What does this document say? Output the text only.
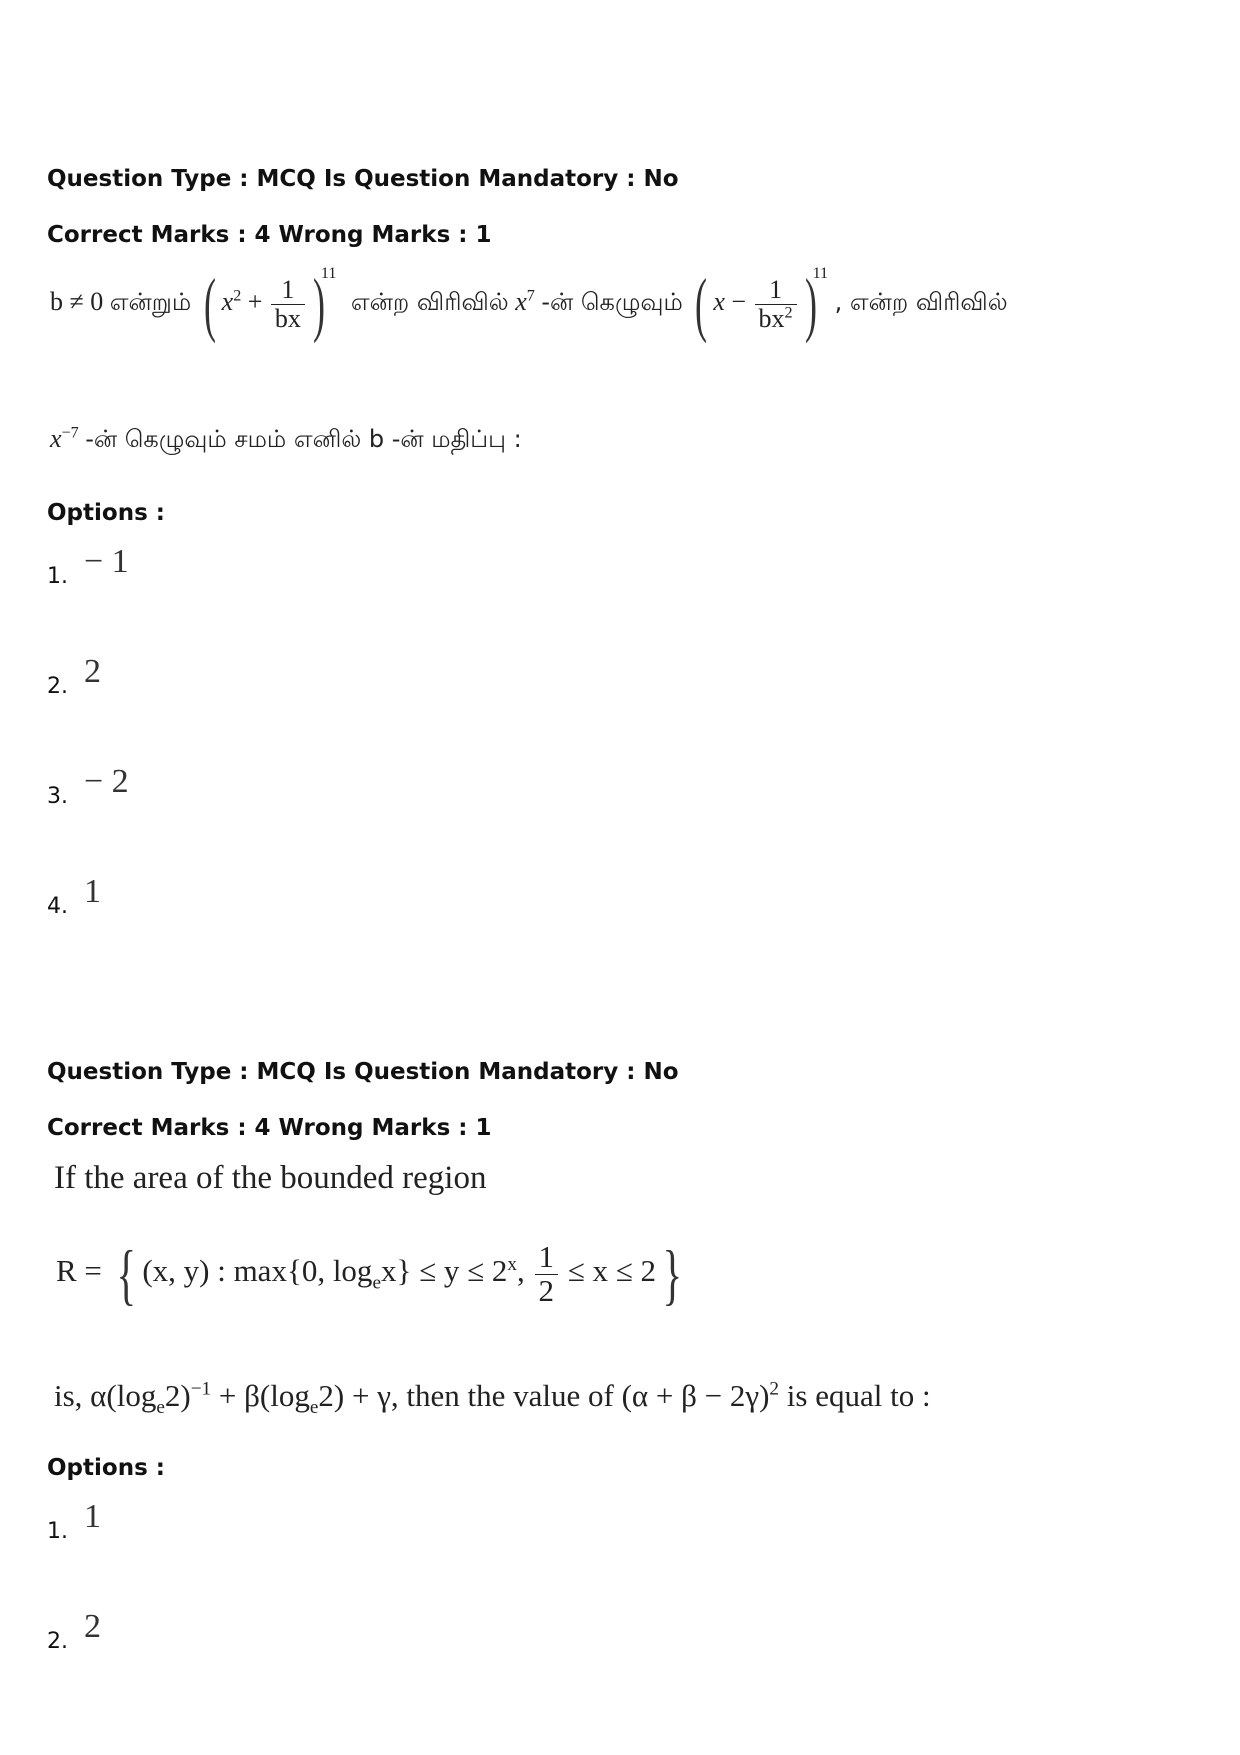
Question Type : MCQ Is Question Mandatory : No
Correct Marks : 4 Wrong Marks : 1
b ≠ 0 என்றும் ( $x^2 + \frac{1}{bx} )^{11}$ என்ற விரிவில் $x^7$ -ன் கெழுவும் ( $x - \frac{1}{bx^2} )^{11}$ , என்ற விரிவில்
$x^{-7}$ -ன் கெழுவும் சமம் எனில் b -ன் மதிப்பு :
Options :
1. − 1
2. 2
3. − 2
4. 1
Question Type : MCQ Is Question Mandatory : No
Correct Marks : 4 Wrong Marks : 1
If the area of the bounded region
R = { (x, y) : max{0, $\log_ex\} \le y \le 2^x$, $\frac{1}{2} \le x \le 2$}
is, $\alpha(\log_e2)^{-1} + \beta(\log_e2) + \gamma$, then the value of $(\alpha + \beta - 2\gamma)^2$ is equal to :
Options :
1. 1
2. 2
